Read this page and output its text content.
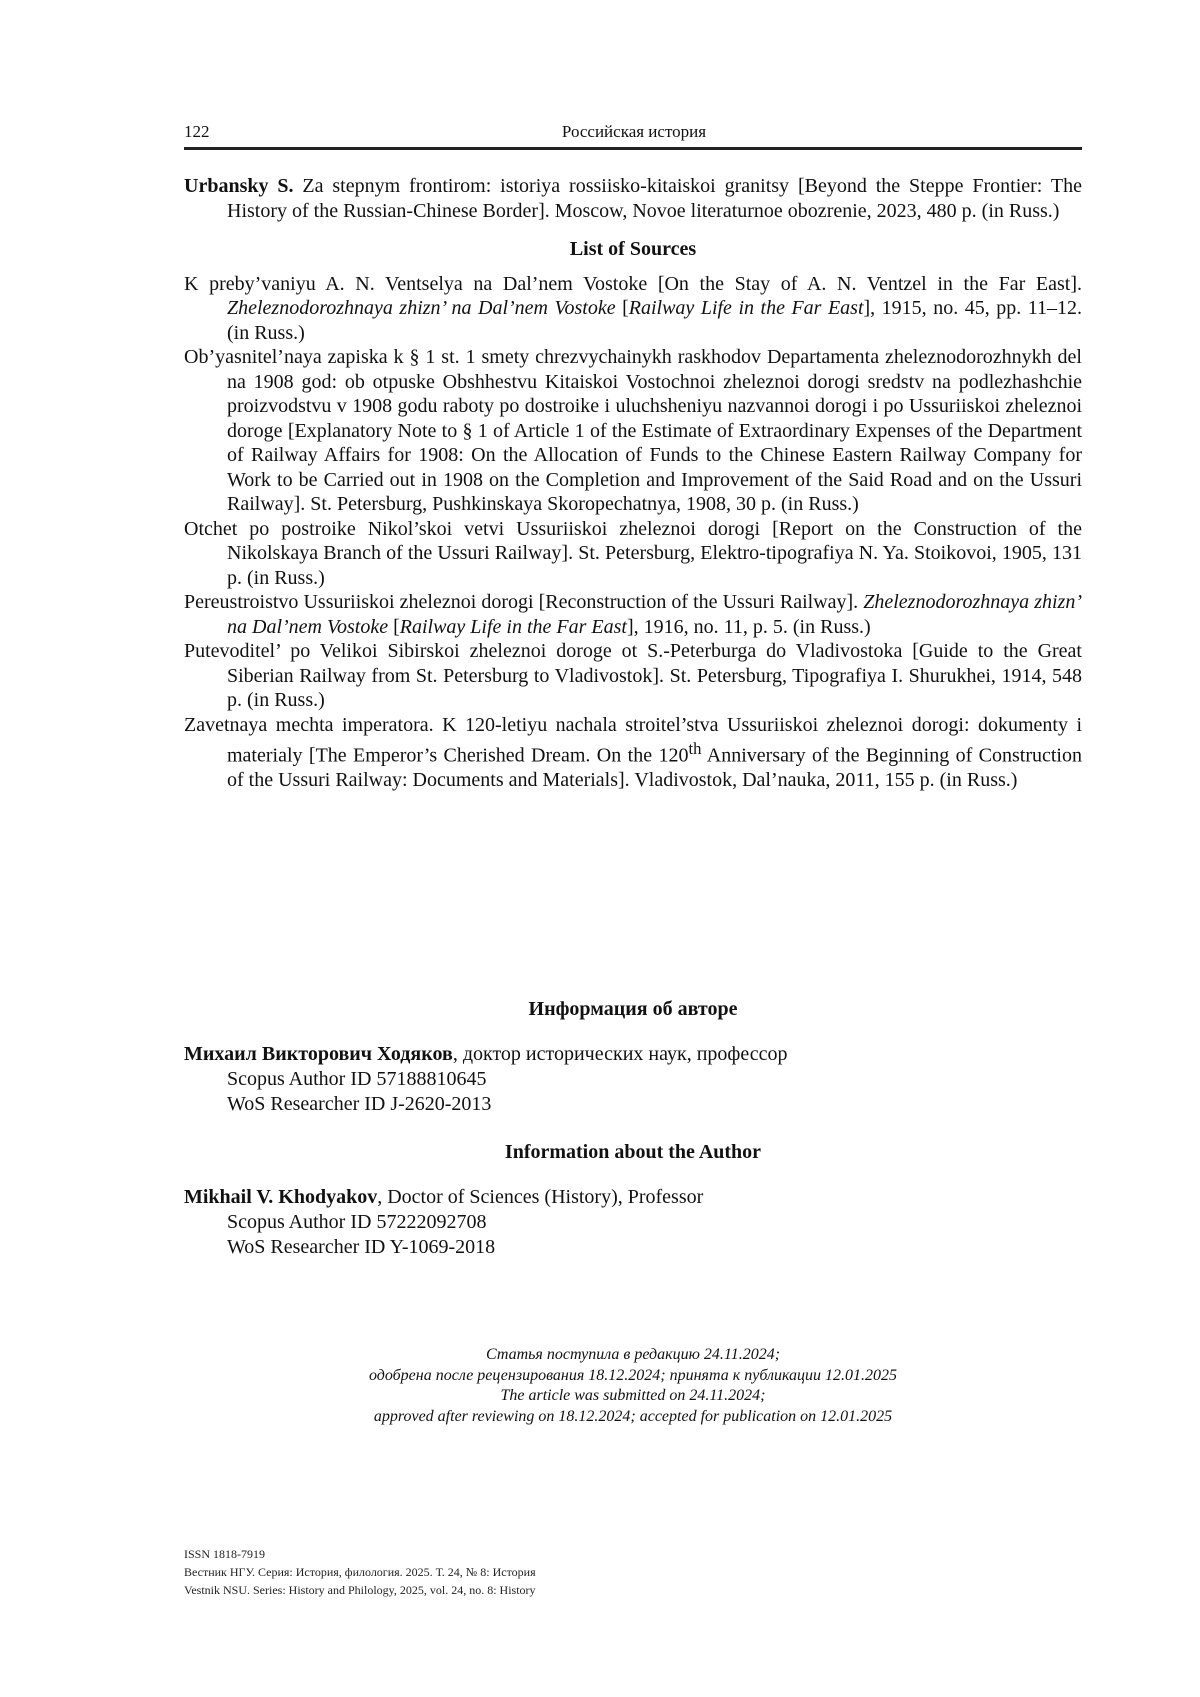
122	Российская история

Urbansky S. Za stepnym frontirom: istoriya rossiisko-kitaiskoi granitsy [Beyond the Steppe Frontier: The History of the Russian-Chinese Border]. Moscow, Novoe literaturnoe obozrenie, 2023, 480 p. (in Russ.)

List of Sources

K preby’vaniyu A. N. Ventselya na Dal’nem Vostoke [On the Stay of A. N. Ventzel in the Far East]. Zheleznodorozhnaya zhizn’ na Dal’nem Vostoke [Railway Life in the Far East], 1915, no. 45, pp. 11–12. (in Russ.)

Ob’yasnitel’naya zapiska k § 1 st. 1 smety chrezvychainykh raskhodov Departamenta zheleznodorozhnykh del na 1908 god: ob otpuske Obshhestvu Kitaiskoi Vostochnoi zheleznoi dorogi sredstv na podlezhashchie proizvodstvu v 1908 godu raboty po dostroike i uluchsheniyu nazvannoi dorogi i po Ussuriiskoi zheleznoi doroge [Explanatory Note to § 1 of Article 1 of the Estimate of Extraordinary Expenses of the Department of Railway Affairs for 1908: On the Allocation of Funds to the Chinese Eastern Railway Company for Work to be Carried out in 1908 on the Completion and Improvement of the Said Road and on the Ussuri Railway]. St. Petersburg, Pushkinskaya Skoropechatnya, 1908, 30 p. (in Russ.)

Otchet po postroike Nikol’skoi vetvi Ussuriiskoi zheleznoi dorogi [Report on the Construction of the Nikolskaya Branch of the Ussuri Railway]. St. Petersburg, Elektro-tipografiya N. Ya. Stoikovoi, 1905, 131 p. (in Russ.)

Pereustroistvo Ussuriiskoi zheleznoi dorogi [Reconstruction of the Ussuri Railway]. Zheleznodorozhnaya zhizn’ na Dal’nem Vostoke [Railway Life in the Far East], 1916, no. 11, p. 5. (in Russ.)

Putevoditel’ po Velikoi Sibirskoi zheleznoi doroge ot S.-Peterburga do Vladivostoka [Guide to the Great Siberian Railway from St. Petersburg to Vladivostok]. St. Petersburg, Tipografiya I. Shurukhei, 1914, 548 p. (in Russ.)

Zavetnaya mechta imperatora. K 120-letiyu nachala stroitel’stva Ussuriiskoi zheleznoi dorogi: dokumenty i materialy [The Emperor’s Cherished Dream. On the 120th Anniversary of the Beginning of Construction of the Ussuri Railway: Documents and Materials]. Vladivostok, Dal’nauka, 2011, 155 p. (in Russ.)

Информация об авторе

Михаил Викторович Ходяков, доктор исторических наук, профессор

Scopus Author ID 57188810645

WoS Researcher ID J-2620-2013

Information about the Author

Mikhail V. Khodyakov, Doctor of Sciences (History), Professor

Scopus Author ID 57222092708

WoS Researcher ID Y-1069-2018

Статья поступила в редакцию 24.11.2024;
одобрена после рецензирования 18.12.2024; принята к публикации 12.01.2025
The article was submitted on 24.11.2024;
approved after reviewing on 18.12.2024; accepted for publication on 12.01.2025
ISSN 1818-7919
Вестник НГУ. Серия: История, филология. 2025. Т. 24, № 8: История
Vestnik NSU. Series: History and Philology, 2025, vol. 24, no. 8: History
